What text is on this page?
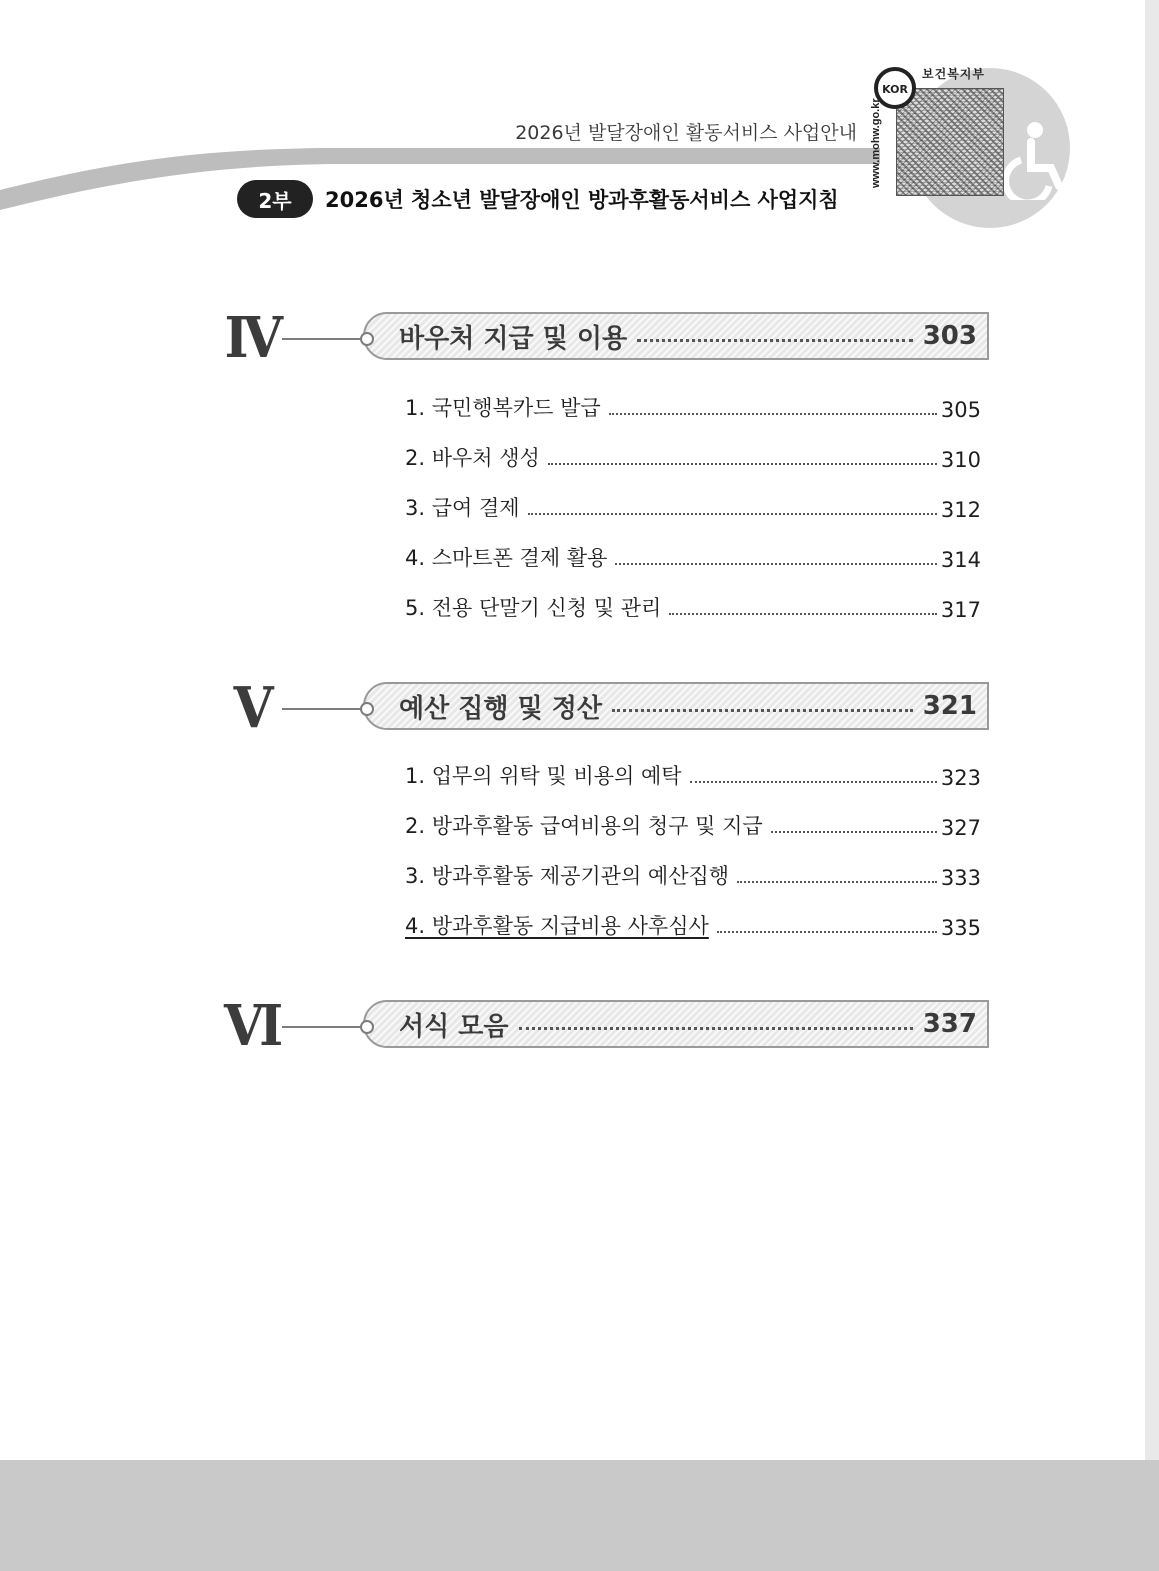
KOR
보건복지부
www.mohw.go.kr
2026년 발달장애인 활동서비스 사업안내
2부	2026년 청소년 발달장애인 방과후활동서비스 사업지침
Ⅳ	바우처 지급 및 이용	303
1. 국민행복카드 발급	305
2. 바우처 생성	310
3. 급여 결제	312
4. 스마트폰 결제 활용	314
5. 전용 단말기 신청 및 관리	317
Ⅴ	예산 집행 및 정산	321
1. 업무의 위탁 및 비용의 예탁	323
2. 방과후활동 급여비용의 청구 및 지급	327
3. 방과후활동 제공기관의 예산집행	333
4. 방과후활동 지급비용 사후심사	335
Ⅵ	서식 모음	337
